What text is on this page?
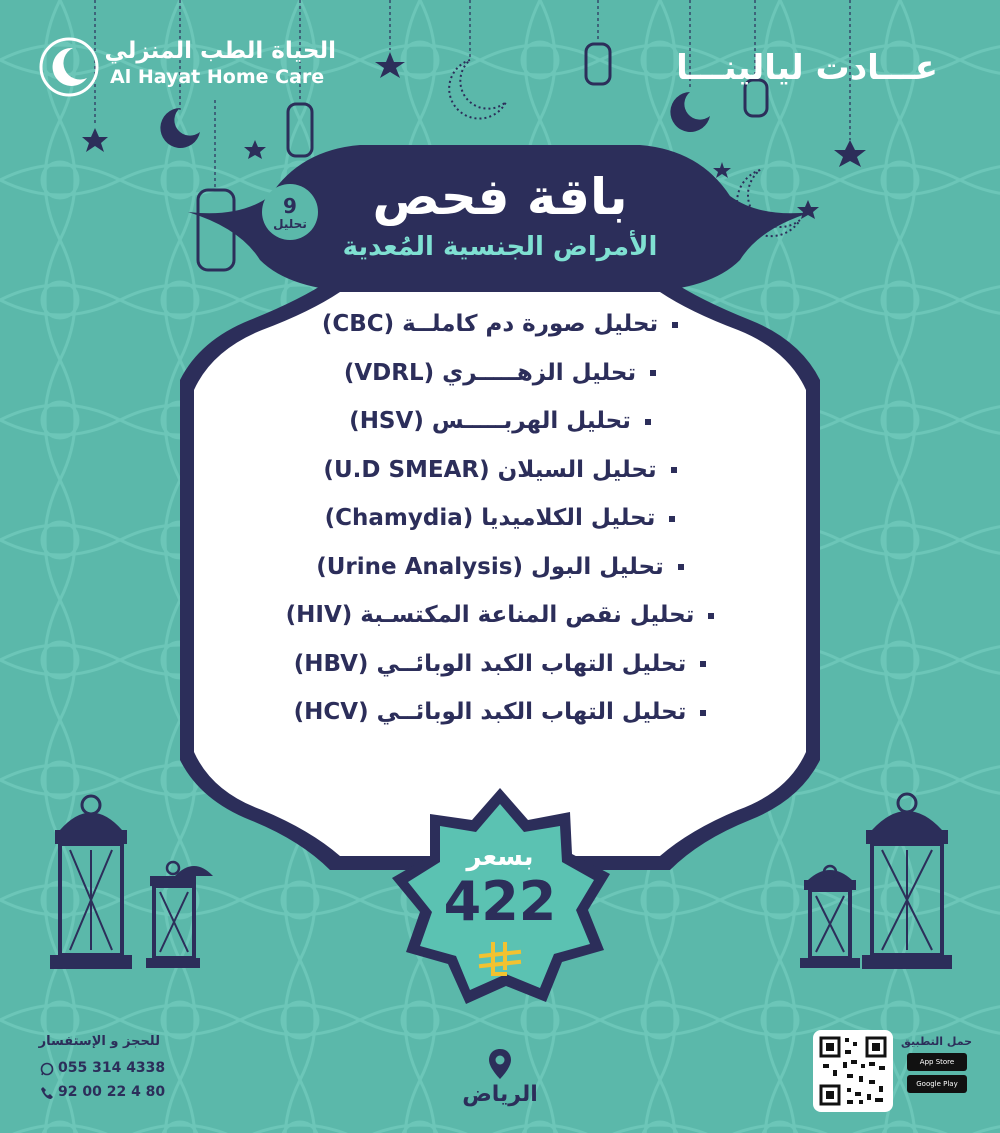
الحياة الطب المنزلي
Al Hayat Home Care	عـــادت ليالينـــا
باقة فحص
الأمراض الجنسية المُعدية
9
تحليل
تحليل صورة دم كاملــة (CBC)
تحليل الزهـــــري (VDRL)
تحليل الهربـــــس (HSV)
تحليل السيلان (U.D SMEAR)
تحليل الكلاميديا (Chamydia)
تحليل البول (Urine Analysis)
تحليل نقص المناعة المكتسـبة (HIV)
تحليل التهاب الكبد الوبائــي (HBV)
تحليل التهاب الكبد الوبائــي (HCV)
بسعر
422
للحجز و الإستفسار
055 314 4338
92 00 22 4 80	الرياض
حمل التطبيق
App Store
Google Play
